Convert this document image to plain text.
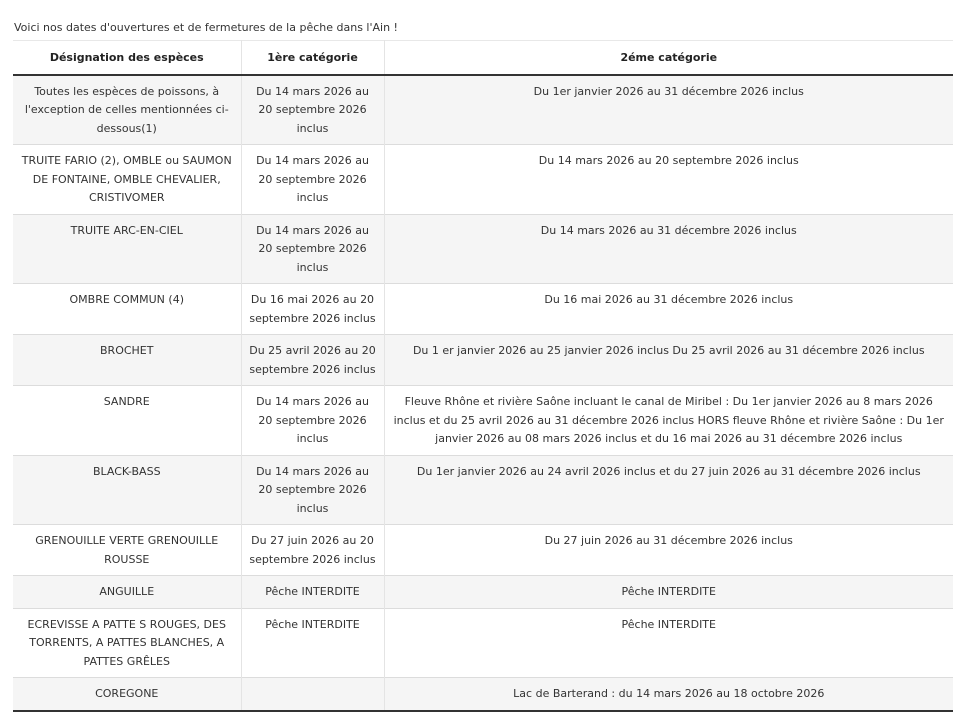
Voici nos dates d'ouvertures et de fermetures de la pêche dans l'Ain !

Désignation des espèces	1ère catégorie	2éme catégorie
Toutes les espèces de poissons, à l'exception de celles mentionnées ci-dessous(1)	Du 14 mars 2026 au 20 septembre 2026 inclus	Du 1er janvier 2026 au 31 décembre 2026 inclus
TRUITE FARIO (2), OMBLE ou SAUMON DE FONTAINE, OMBLE CHEVALIER, CRISTIVOMER	Du 14 mars 2026 au 20 septembre 2026 inclus	Du 14 mars 2026 au 20 septembre 2026 inclus
TRUITE ARC-EN-CIEL	Du 14 mars 2026 au 20 septembre 2026 inclus	Du 14 mars 2026 au 31 décembre 2026 inclus
OMBRE COMMUN (4)	Du 16 mai 2026 au 20 septembre 2026 inclus	Du 16 mai 2026 au 31 décembre 2026 inclus
BROCHET	Du 25 avril 2026 au 20 septembre 2026 inclus	Du 1 er janvier 2026 au 25 janvier 2026 inclus Du 25 avril 2026 au 31 décembre 2026 inclus
SANDRE	Du 14 mars 2026 au 20 septembre 2026 inclus	Fleuve Rhône et rivière Saône incluant le canal de Miribel : Du 1er janvier 2026 au 8 mars 2026 inclus et du 25 avril 2026 au 31 décembre 2026 inclus HORS fleuve Rhône et rivière Saône : Du 1er janvier 2026 au 08 mars 2026 inclus et du 16 mai 2026 au 31 décembre 2026 inclus
BLACK-BASS	Du 14 mars 2026 au 20 septembre 2026 inclus	Du 1er janvier 2026 au 24 avril 2026 inclus et du 27 juin 2026 au 31 décembre 2026 inclus
GRENOUILLE VERTE GRENOUILLE ROUSSE	Du 27 juin 2026 au 20 septembre 2026 inclus	Du 27 juin 2026 au 31 décembre 2026 inclus
ANGUILLE	Pêche INTERDITE	Pêche INTERDITE
ECREVISSE A PATTE S ROUGES, DES TORRENTS, A PATTES BLANCHES, A PATTES GRÊLES	Pêche INTERDITE	Pêche INTERDITE
COREGONE		Lac de Barterand : du 14 mars 2026 au 18 octobre 2026
